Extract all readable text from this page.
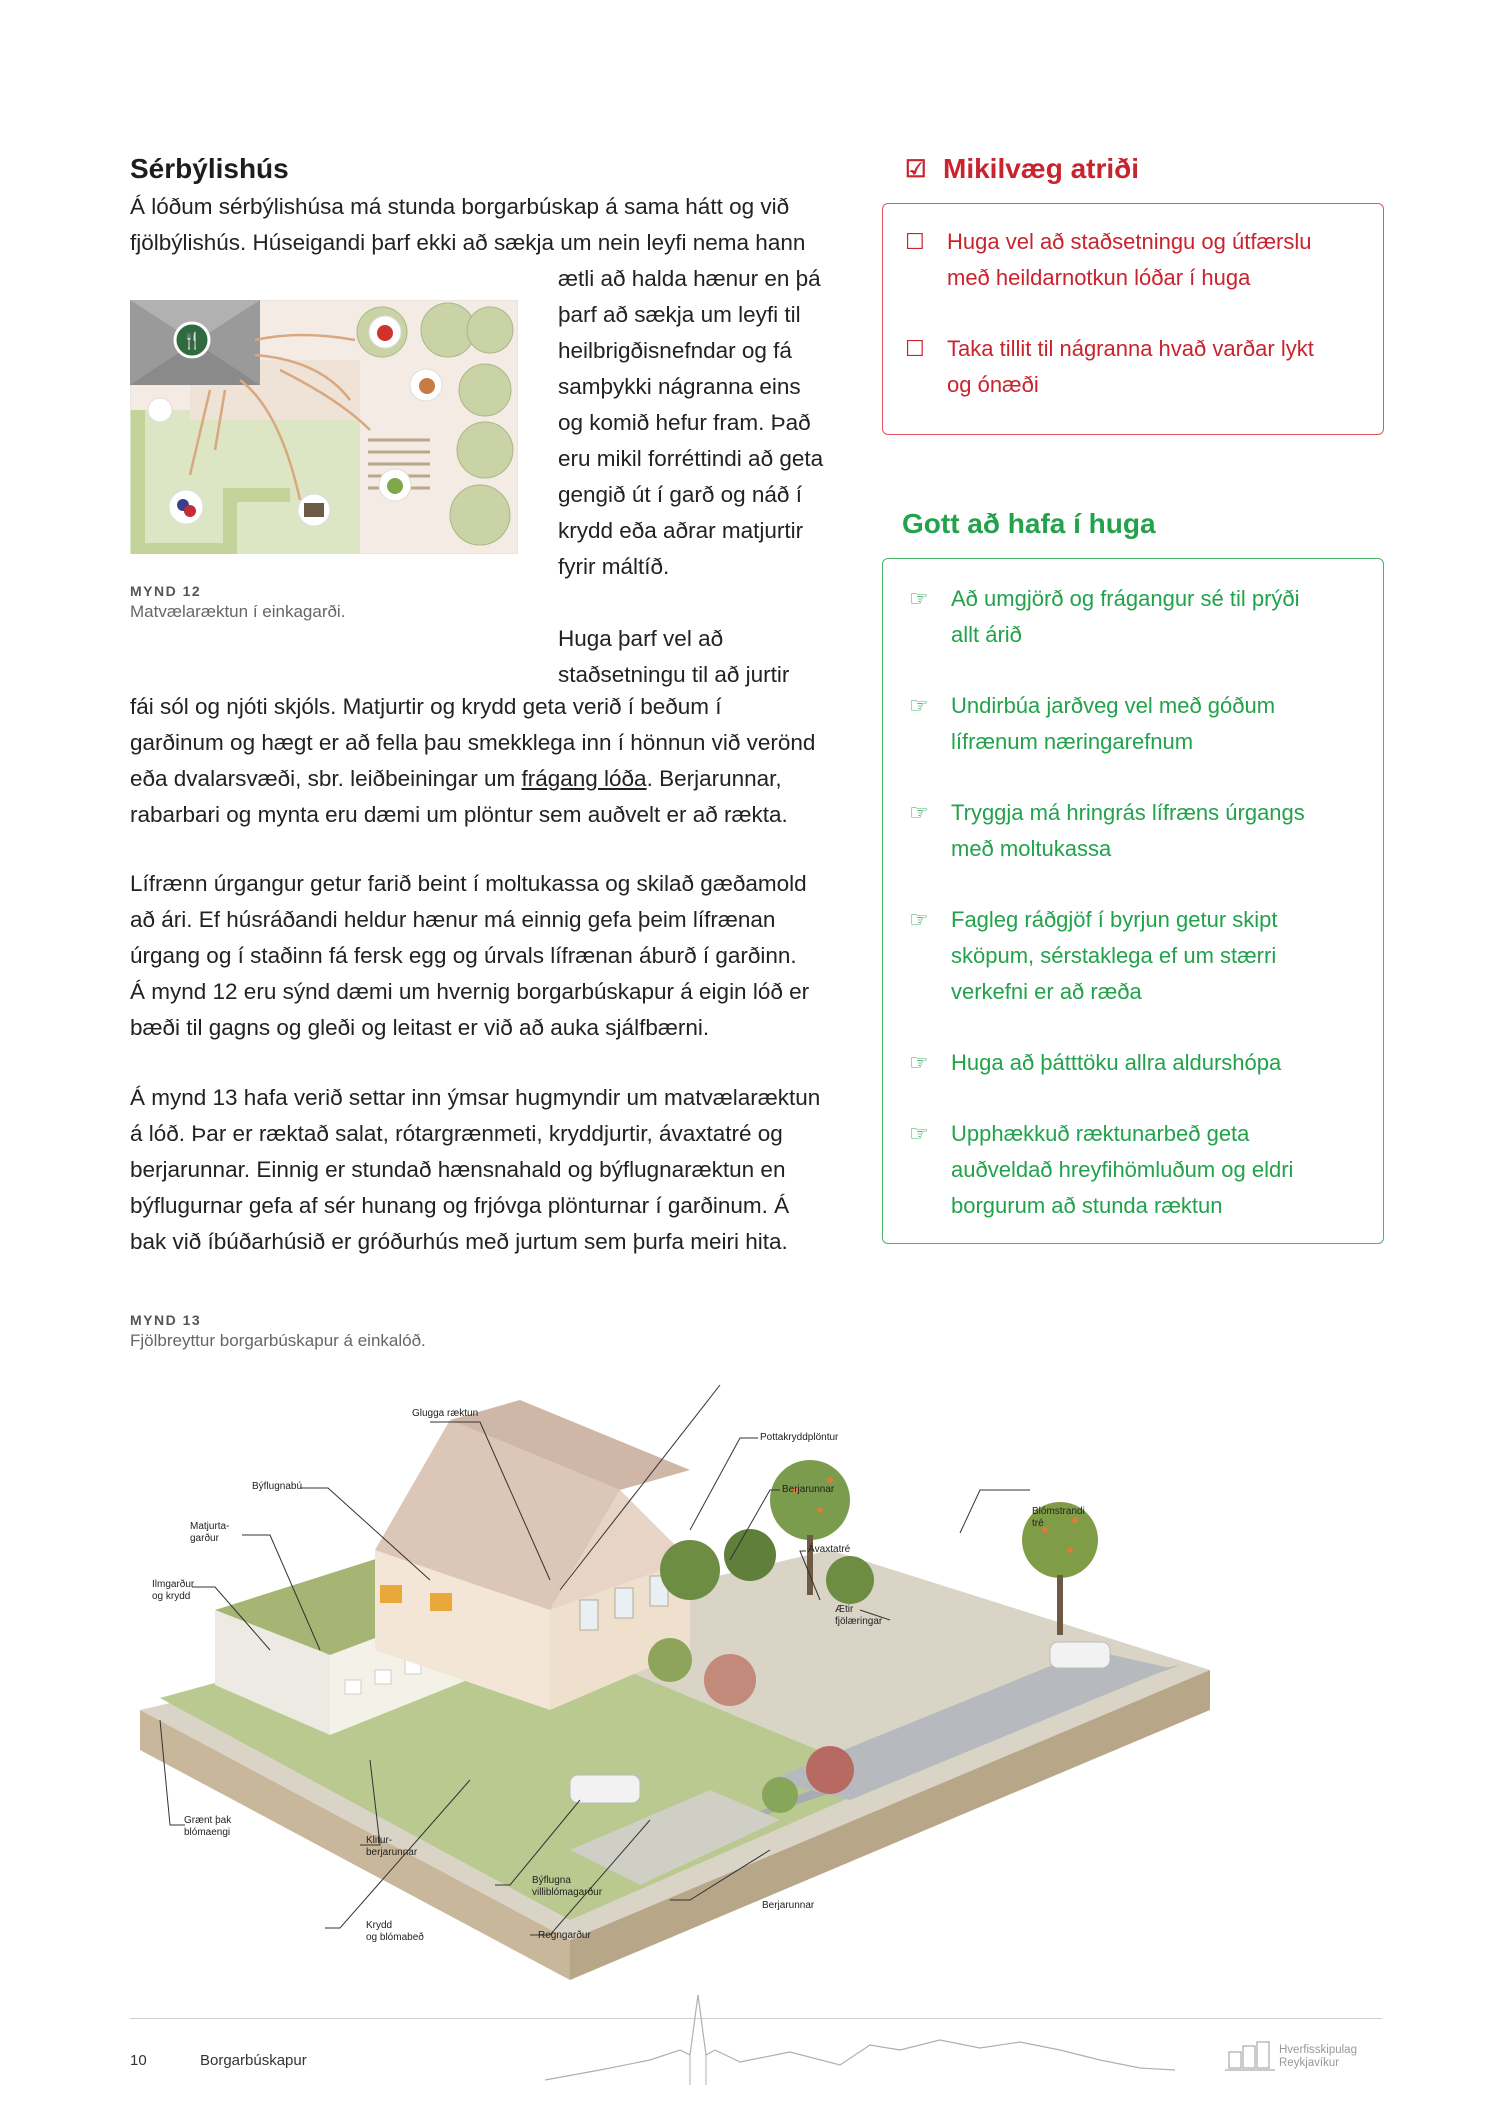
Sérbýlishús

Á lóðum sérbýlishúsa má stunda borgarbúskap á sama hátt og við

fjölbýlishús. Húseigandi þarf ekki að sækja um nein leyfi nema hann

ætli að halda hænur en þá

þarf að sækja um leyfi til

heilbrigðisnefndar og fá

samþykki nágranna eins

og komið hefur fram. Það

eru mikil forréttindi að geta

gengið út í garð og náð í

krydd eða aðrar matjurtir

fyrir máltíð.

Huga þarf vel að

staðsetningu til að jurtir

🍴
MYND 12
Matvælaræktun í einkagarði.

fái sól og njóti skjóls. Matjurtir og krydd geta verið í beðum í

garðinum og hægt er að fella þau smekklega inn í hönnun við verönd

eða dvalarsvæði, sbr. leiðbeiningar um frágang lóða. Berjarunnar,

rabarbari og mynta eru dæmi um plöntur sem auðvelt er að rækta.

Lífrænn úrgangur getur farið beint í moltukassa og skilað gæðamold

að ári. Ef húsráðandi heldur hænur má einnig gefa þeim lífrænan

úrgang og í staðinn fá fersk egg og úrvals lífrænan áburð í garðinn.

Á mynd 12 eru sýnd dæmi um hvernig borgarbúskapur á eigin lóð er

bæði til gagns og gleði og leitast er við að auka sjálfbærni.

Á mynd 13 hafa verið settar inn ýmsar hugmyndir um matvælaræktun

á lóð. Þar er ræktað salat, rótargrænmeti, kryddjurtir, ávaxtatré og

berjarunnar. Einnig er stundað hænsnahald og býflugnaræktun en

býflugurnar gefa af sér hunang og frjóvga plönturnar í garðinum. Á

bak við íbúðarhúsið er gróðurhús með jurtum sem þurfa meiri hita.

☑ Mikilvæg atriði
☐	Huga vel að staðsetningu og útfærslu
með heildarnotkun lóðar í huga
☐	Taka tillit til nágranna hvað varðar lykt
og ónæði
Gott að hafa í huga
☞	Að umgjörð og frágangur sé til prýði
allt árið
☞	Undirbúa jarðveg vel með góðum
lífrænum næringarefnum
☞	Tryggja má hringrás lífræns úrgangs
með moltukassa
☞	Fagleg ráðgjöf í byrjun getur skipt
sköpum, sérstaklega ef um stærri
verkefni er að ræða
☞	Huga að þátttöku allra aldurshópa
☞	Upphækkuð ræktunarbeð geta
auðveldað hreyfihömluðum og eldri
borgurum að stunda ræktun
MYND 13
Fjölbreyttur borgarbúskapur á einkalóð.
Glugga ræktun
Býflugnabú
Matjurta-
garður
Ilmgarður
og krydd
Pottakryddplöntur
Berjarunnar
Ávaxtatré
Blómstrandi
tré
Ætir
fjölæringar
Grænt þak
blómaengi
Klifur-
berjarunnar
Býflugna
villiblómagarður
Berjarunnar
Krydd
og blómabeð	Regngarður
10	Borgarbúskapur
Hverfisskipulag
Reykjavíkur
